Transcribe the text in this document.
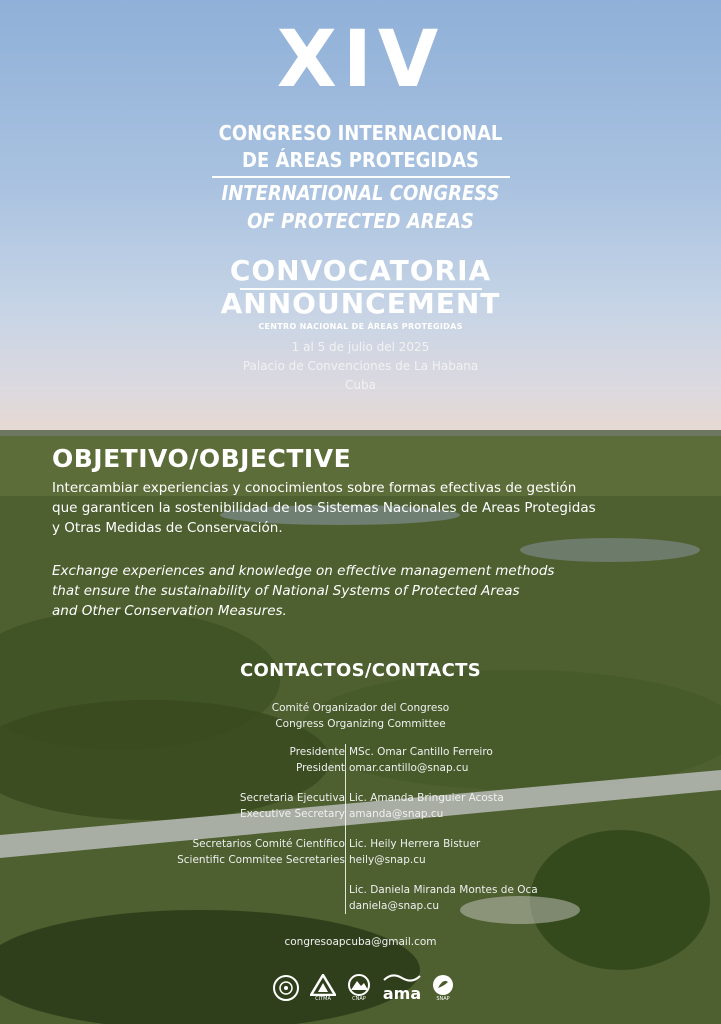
XIV
CONGRESO INTERNACIONAL
DE ÁREAS PROTEGIDAS
INTERNATIONAL CONGRESS
OF PROTECTED AREAS
CONVOCATORIA
ANNOUNCEMENT
CENTRO NACIONAL DE ÁREAS PROTEGIDAS
1 al 5 de julio del 2025
Palacio de Convenciones de La Habana
Cuba
OBJETIVO/OBJECTIVE
Intercambiar experiencias y conocimientos sobre formas efectivas de gestión
que garanticen la sostenibilidad de los Sistemas Nacionales de Areas Protegidas
y Otras Medidas de Conservación.
Exchange experiences and knowledge on effective management methods
that ensure the sustainability of National Systems of Protected Areas
and Other Conservation Measures.
CONTACTOS/CONTACTS
Comité Organizador del Congreso
Congress Organizing Committee
Presidente
President
MSc. Omar Cantillo Ferreiro
omar.cantillo@snap.cu
Secretaria Ejecutiva
Executive Secretary
Lic. Amanda Bringuier Acosta
amanda@snap.cu
Secretarios Comité Científico
Scientific Commitee Secretaries
Lic. Heily Herrera Bistuer
heily@snap.cu
Lic. Daniela Miranda Montes de Oca
daniela@snap.cu
congresoapcuba@gmail.com
CITMA	CNAP ama	SNAP
